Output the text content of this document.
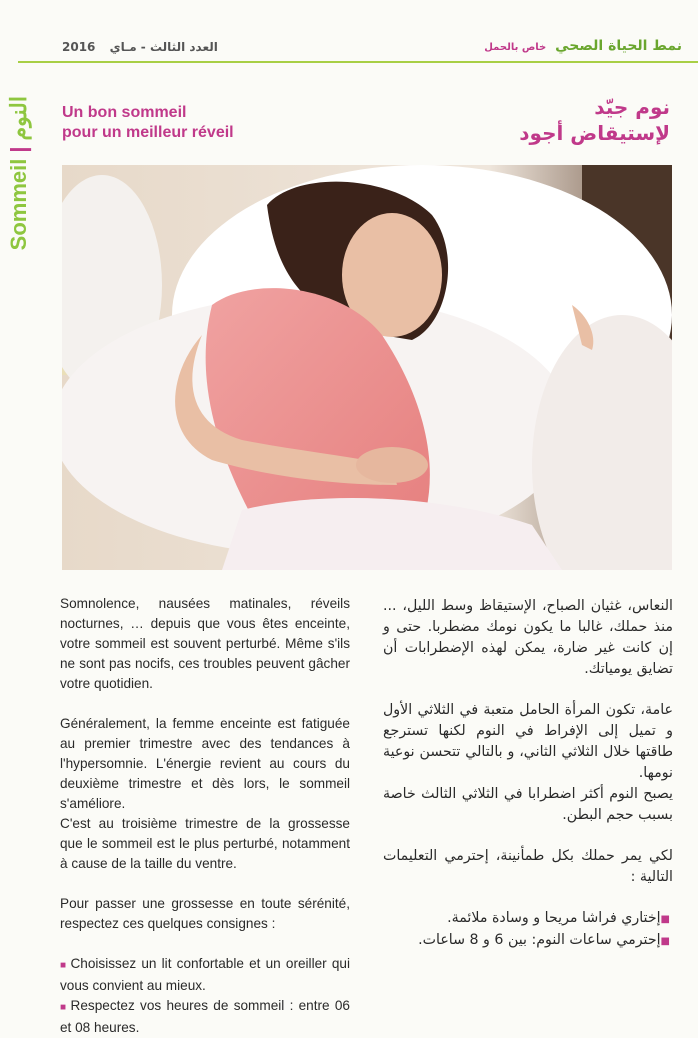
2016 العدد الثالث - مـاي	نمط الحياة الصحي خاص بالحمل
Sommeil|النوم	Un bon sommeil
pour un meilleur réveil
نوم جيّد
لإستيقاض أجود

Somnolence, nausées matinales, réveils nocturnes, … depuis que vous êtes enceinte, votre sommeil est souvent perturbé. Même s'ils ne sont pas nocifs, ces troubles peuvent gâcher votre quotidien.

Généralement, la femme enceinte est fatiguée au premier trimestre avec des tendances à l'hypersomnie. L'énergie revient au cours du deuxième trimestre et dès lors, le sommeil s'améliore.

C'est au troisième trimestre de la grossesse que le sommeil est le plus perturbé, notamment à cause de la taille du ventre.

Pour passer une grossesse en toute sérénité, respectez ces quelques consignes :

■ Choisissez un lit confortable et un oreiller qui vous convient au mieux.

■ Respectez vos heures de sommeil : entre 06 et 08 heures.

النعاس، غثيان الصباح، الإستيقاظ وسط الليل، ... منذ حملك، غالبا ما يكون نومك مضطربا. حتى و إن كانت غير ضارة، يمكن لهذه الإضطرابات أن تضايق يومياتك.

عامة، تكون المرأة الحامل متعبة في الثلاثي الأول و تميل إلى الإفراط في النوم لكنها تسترجع طاقتها خلال الثلاثي الثاني، و بالتالي تتحسن نوعية نومها.

يصبح النوم أكثر اضطرابا في الثلاثي الثالث خاصة بسبب حجم البطن.

لكي يمر حملك بكل طمأنينة، إحترمي التعليمات التالية :

■إختاري فراشا مريحا و وسادة ملائمة.

■إحترمي ساعات النوم: بين 6 و 8 ساعات.
